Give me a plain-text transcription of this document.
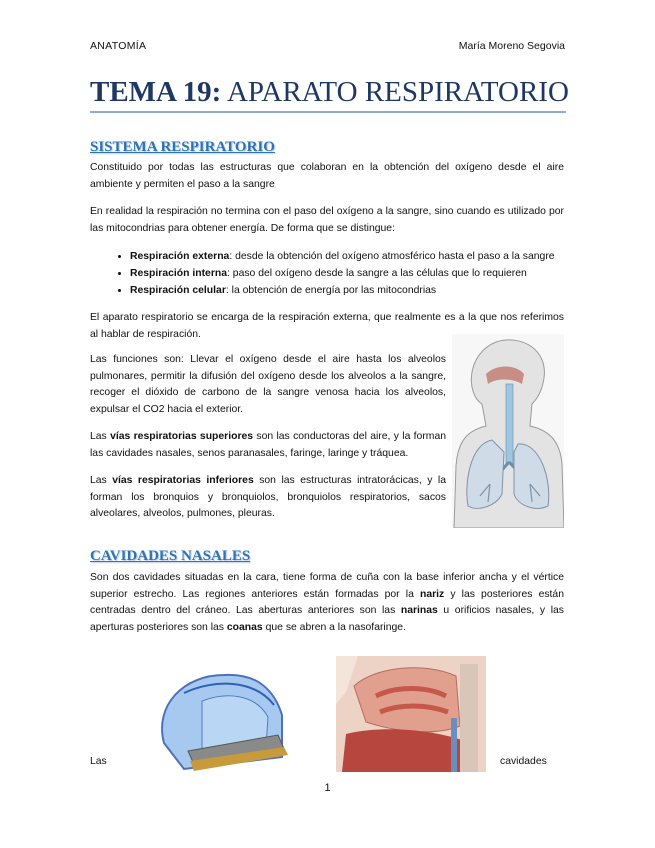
ANATOMÍA	María Moreno Segovia
TEMA 19: APARATO RESPIRATORIO
SISTEMA RESPIRATORIO

Constituido por todas las estructuras que colaboran en la obtención del oxígeno desde el aire ambiente y permiten el paso a la sangre

En realidad la respiración no termina con el paso del oxígeno a la sangre, sino cuando es utilizado por las mitocondrias para obtener energía. De forma que se distingue:

• Respiración externa: desde la obtención del oxígeno atmosférico hasta el paso a la sangre
• Respiración interna: paso del oxígeno desde la sangre a las células que lo requieren
• Respiración celular: la obtención de energía por las mitocondrias

El aparato respiratorio se encarga de la respiración externa, que realmente es a la que nos referimos al hablar de respiración.

Las funciones son: Llevar el oxígeno desde el aire hasta los alveolos pulmonares, permitir la difusión del oxígeno desde los alveolos a la sangre, recoger el dióxido de carbono de la sangre venosa hacia los alveolos, expulsar el CO2 hacia el exterior.

Las vías respiratorias superiores son las conductoras del aire, y la forman las cavidades nasales, senos paranasales, faringe, laringe y tráquea.

Las vías respiratorias inferiores son las estructuras intratorácicas, y la forman los bronquios y bronquiolos, bronquiolos respiratorios, sacos alveolares, alveolos, pulmones, pleuras.

CAVIDADES NASALES

Son dos cavidades situadas en la cara, tiene forma de cuña con la base inferior ancha y el vértice superior estrecho. Las regiones anteriores están formadas por la nariz y las posteriores están centradas dentro del cráneo. Las aberturas anteriores son las narinas u orificios nasales, y las aperturas posteriores son las coanas que se abren a la nasofaringe.

Las	cavidades
1
